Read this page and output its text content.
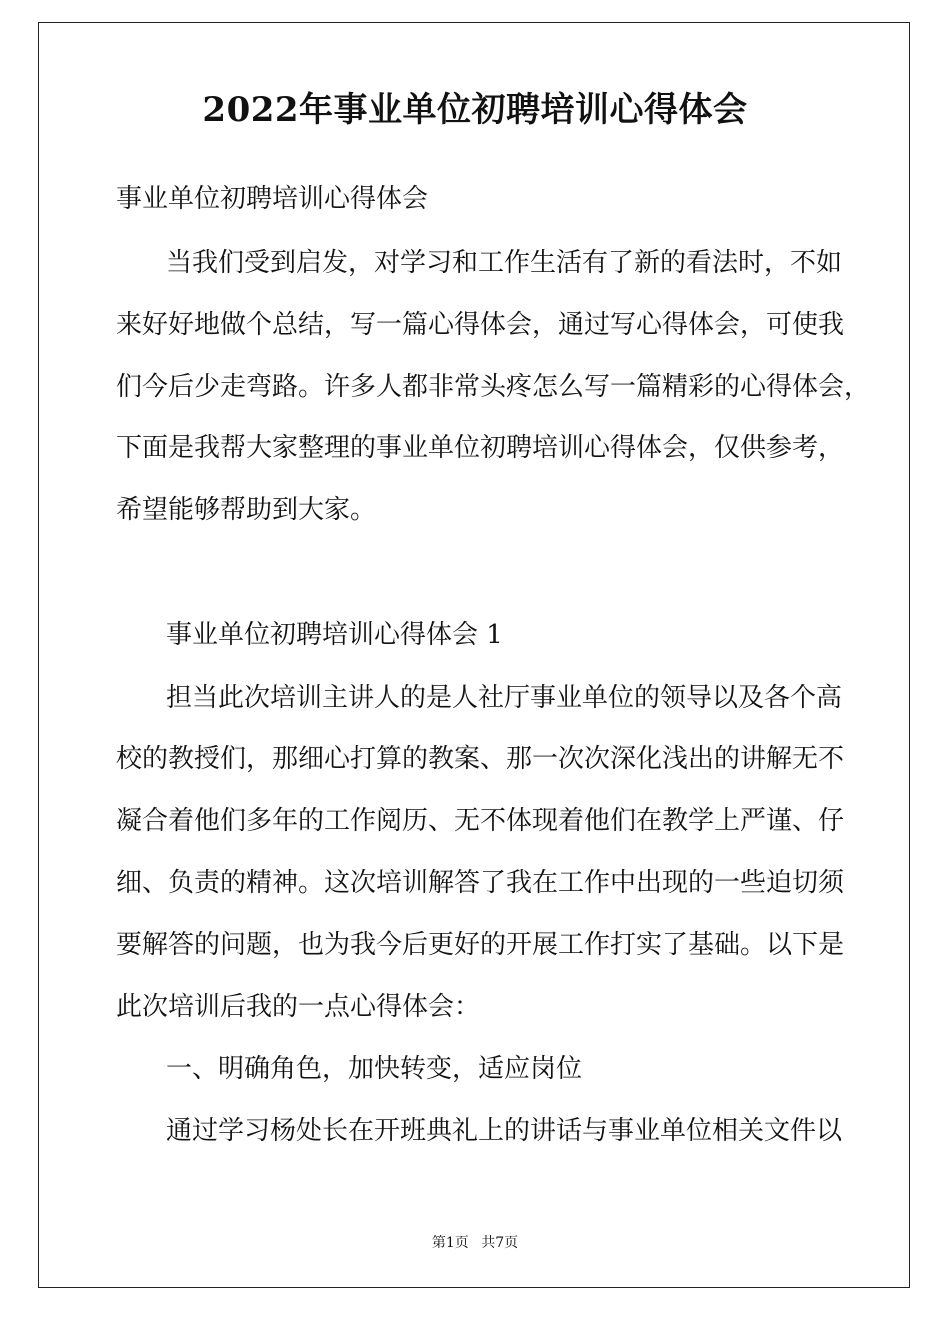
2022年事业单位初聘培训心得体会
事业单位初聘培训心得体会
当我们受到启发，对学习和工作生活有了新的看法时，不如
来好好地做个总结，写一篇心得体会，通过写心得体会，可使我
们今后少走弯路。许多人都非常头疼怎么写一篇精彩的心得体会，
下面是我帮大家整理的事业单位初聘培训心得体会，仅供参考，
希望能够帮助到大家。
事业单位初聘培训心得体会 1
担当此次培训主讲人的是人社厅事业单位的领导以及各个高
校的教授们，那细心打算的教案、那一次次深化浅出的讲解无不
凝合着他们多年的工作阅历、无不体现着他们在教学上严谨、仔
细、负责的精神。这次培训解答了我在工作中出现的一些迫切须
要解答的问题，也为我今后更好的开展工作打实了基础。以下是
此次培训后我的一点心得体会：
一、明确角色，加快转变，适应岗位
通过学习杨处长在开班典礼上的讲话与事业单位相关文件以
第1页 共7页
